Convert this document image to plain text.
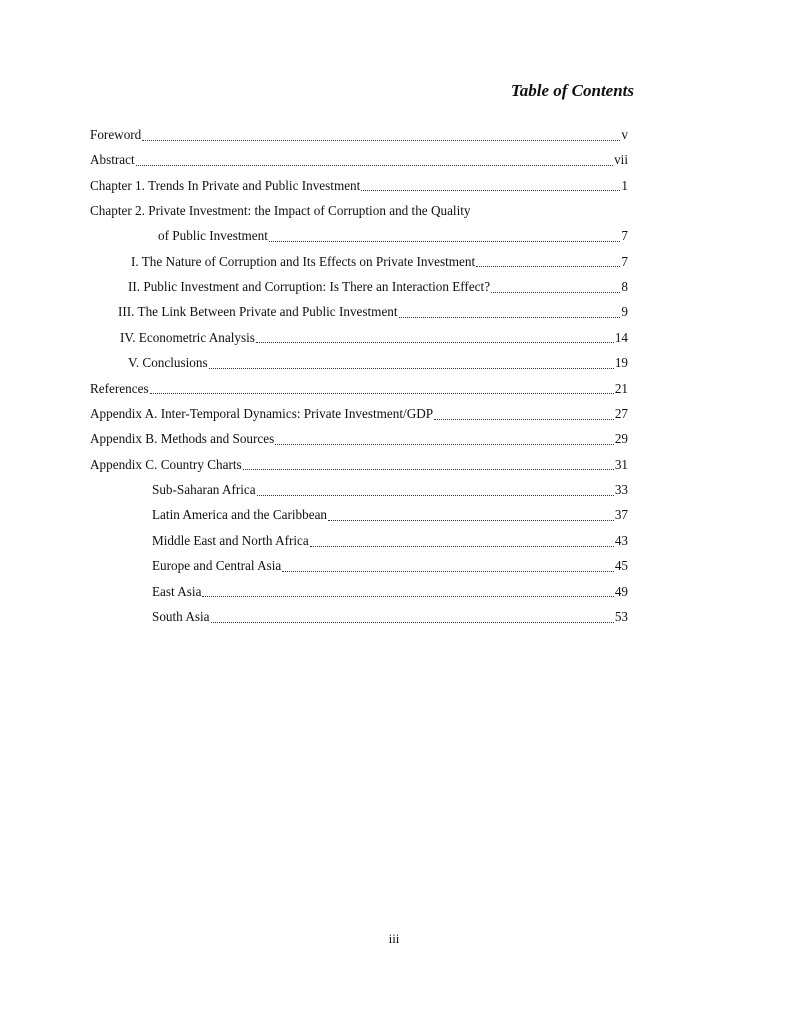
Table of Contents
Foreword	v
Abstract	vii
Chapter 1. Trends In Private and Public Investment	1
Chapter 2. Private Investment: the Impact of Corruption and the Quality
of Public Investment	7
I. The Nature of Corruption and Its Effects on Private Investment	7
II. Public Investment and Corruption: Is There an Interaction Effect?	8
III. The Link Between Private and Public Investment	9
IV. Econometric Analysis	14
V. Conclusions	19
References	21
Appendix A. Inter-Temporal Dynamics: Private Investment/GDP	27
Appendix B. Methods and Sources	29
Appendix C. Country Charts	31
Sub-Saharan Africa	33
Latin America and the Caribbean	37
Middle East and North Africa	43
Europe and Central Asia	45
East Asia	49
South Asia	53
iii
